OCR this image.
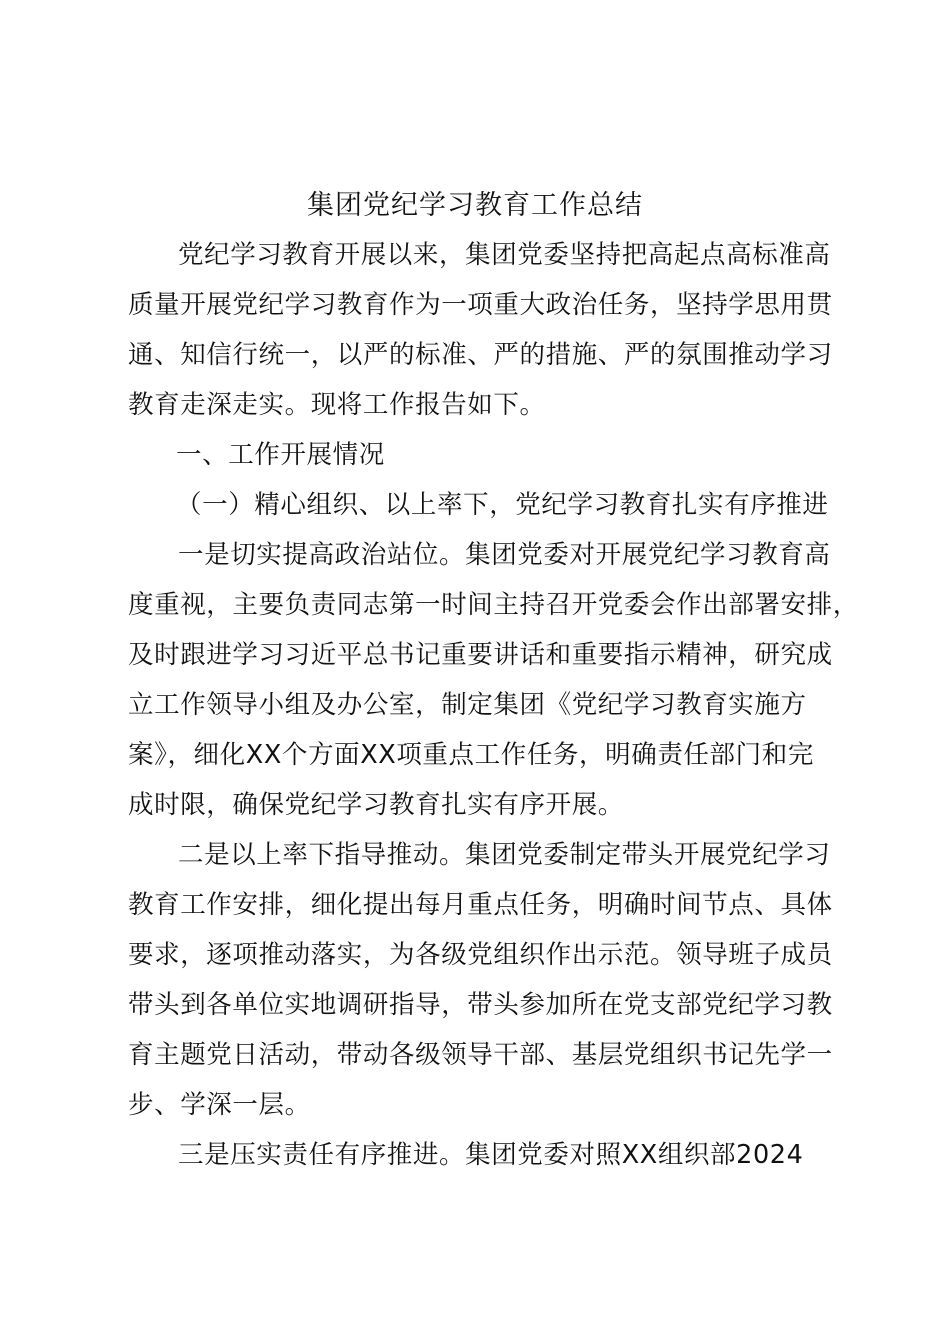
集团党纪学习教育工作总结
党纪学习教育开展以来，集团党委坚持把高起点高标准高
质量开展党纪学习教育作为一项重大政治任务，坚持学思用贯
通、知信行统一，以严的标准、严的措施、严的氛围推动学习
教育走深走实。现将工作报告如下。
一、工作开展情况
（一）精心组织、以上率下，党纪学习教育扎实有序推进
一是切实提高政治站位。集团党委对开展党纪学习教育高
度重视，主要负责同志第一时间主持召开党委会作出部署安排，
及时跟进学习习近平总书记重要讲话和重要指示精神，研究成
立工作领导小组及办公室，制定集团《党纪学习教育实施方
案》，细化XX个方面XX项重点工作任务，明确责任部门和完
成时限，确保党纪学习教育扎实有序开展。
二是以上率下指导推动。集团党委制定带头开展党纪学习
教育工作安排，细化提出每月重点任务，明确时间节点、具体
要求，逐项推动落实，为各级党组织作出示范。领导班子成员
带头到各单位实地调研指导，带头参加所在党支部党纪学习教
育主题党日活动，带动各级领导干部、基层党组织书记先学一
步、学深一层。
三是压实责任有序推进。集团党委对照XX组织部2024
